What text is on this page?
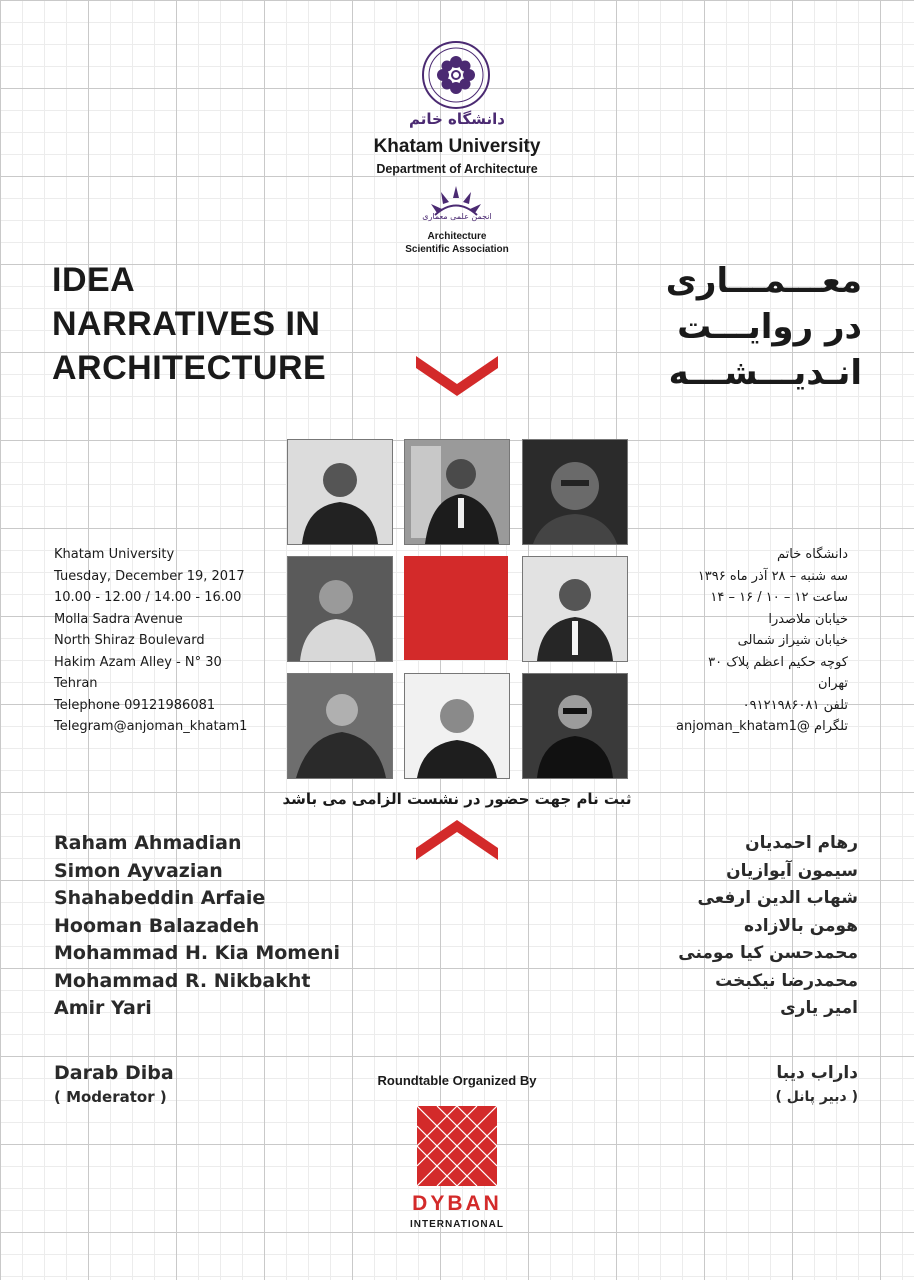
دانشگاه خاتم
Khatam University
Department of Architecture
انجمن علمی معماری
Architecture
Scientific Association
IDEA
NARRATIVES IN
ARCHITECTURE
معـــمـــاری
در روایـــت
انـدیـــشـــه
Khatam University
Tuesday, December 19, 2017
10.00 - 12.00 / 14.00 - 16.00
Molla Sadra Avenue
North Shiraz Boulevard
Hakim Azam Alley - N° 30
Tehran
Telephone 09121986081
Telegram@anjoman_khatam1
دانشگاه خاتم
سه شنبه – ۲۸ آذر ماه ۱۳۹۶
ساعت ۱۲ – ۱۰ / ۱۶ – ۱۴
خیابان ملاصدرا
خیابان شیراز شمالی
کوچه حکیم اعظم پلاک ۳۰
تهران
تلفن ۰۹۱۲۱۹۸۶۰۸۱
تلگرام @anjoman_khatam1
ثبت نام جهت حضور در نشست الزامی می باشد
Raham Ahmadian
Simon Ayvazian
Shahabeddin Arfaie
Hooman Balazadeh
Mohammad H. Kia Momeni
Mohammad R. Nikbakht
Amir Yari
رهام احمدیان
سیمون آیوازیان
شهاب الدین ارفعی
هومن بالازاده
محمدحسن کیا مومنی
محمدرضا نیکبخت
امیر یاری
Darab Diba
( Moderator )
داراب دیبا
( دبیر پانل )
Roundtable Organized By
DYBAN
INTERNATIONAL
